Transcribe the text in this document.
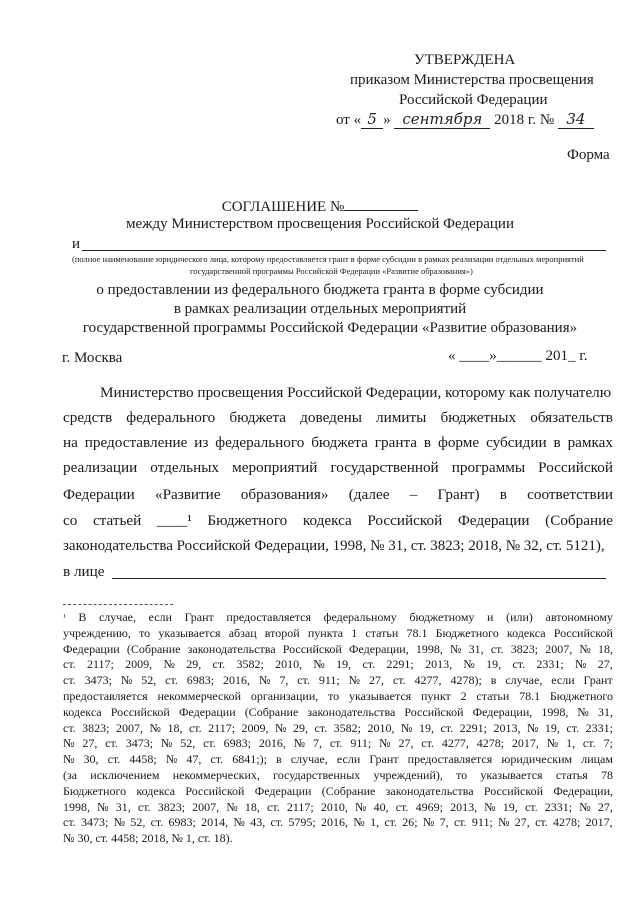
УТВЕРЖДЕНА
приказом Министерства просвещения
Российской Федерации
от « 5 » сентября 2018 г. № 34
Форма
СОГЛАШЕНИЕ №
между Министерством просвещения Российской Федерации
и
(полное наименование юридического лица, которому предоставляется грант в форме субсидии в рамках реализации отдельных мероприятий
государственной программы Российской Федерации «Развитие образования»)
о предоставлении из федерального бюджета гранта в форме субсидии
в рамках реализации отдельных мероприятий
государственной программы Российской Федерации «Развитие образования»
г. Москва	« ____»______ 201_ г.
Министерство просвещения Российской Федерации, которому как получателю
средств федерального бюджета доведены лимиты бюджетных обязательств
на предоставление из федерального бюджета гранта в форме субсидии в рамках
реализации отдельных мероприятий государственной программы Российской
Федерации «Развитие образования» (далее – Грант) в соответствии
со статьей ____¹ Бюджетного кодекса Российской Федерации (Собрание
законодательства Российской Федерации, 1998, № 31, ст. 3823; 2018, № 32, ст. 5121),
в лице
¹ В случае, если Грант предоставляется федеральному бюджетному и (или) автономному
учреждению, то указывается абзац второй пункта 1 статьи 78.1 Бюджетного кодекса Российской
Федерации (Собрание законодательства Российской Федерации, 1998, № 31, ст. 3823; 2007, № 18,
ст. 2117; 2009, № 29, ст. 3582; 2010, № 19, ст. 2291; 2013, № 19, ст. 2331; № 27,
ст. 3473; № 52, ст. 6983; 2016, № 7, ст. 911; № 27, ст. 4277, 4278); в случае, если Грант
предоставляется некоммерческой организации, то указывается пункт 2 статьи 78.1 Бюджетного
кодекса Российской Федерации (Собрание законодательства Российской Федерации, 1998, № 31,
ст. 3823; 2007, № 18, ст. 2117; 2009, № 29, ст. 3582; 2010, № 19, ст. 2291; 2013, № 19, ст. 2331;
№ 27, ст. 3473; № 52, ст. 6983; 2016, № 7, ст. 911; № 27, ст. 4277, 4278; 2017, № 1, ст. 7;
№ 30, ст. 4458; № 47, ст. 6841;); в случае, если Грант предоставляется юридическим лицам
(за исключением некоммерческих, государственных учреждений), то указывается статья 78
Бюджетного кодекса Российской Федерации (Собрание законодательства Российской Федерации,
1998, № 31, ст. 3823; 2007, № 18, ст. 2117; 2010, № 40, ст. 4969; 2013, № 19, ст. 2331; № 27,
ст. 3473; № 52, ст. 6983; 2014, № 43, ст. 5795; 2016, № 1, ст. 26; № 7, ст. 911; № 27, ст. 4278; 2017,
№ 30, ст. 4458; 2018, № 1, ст. 18).
